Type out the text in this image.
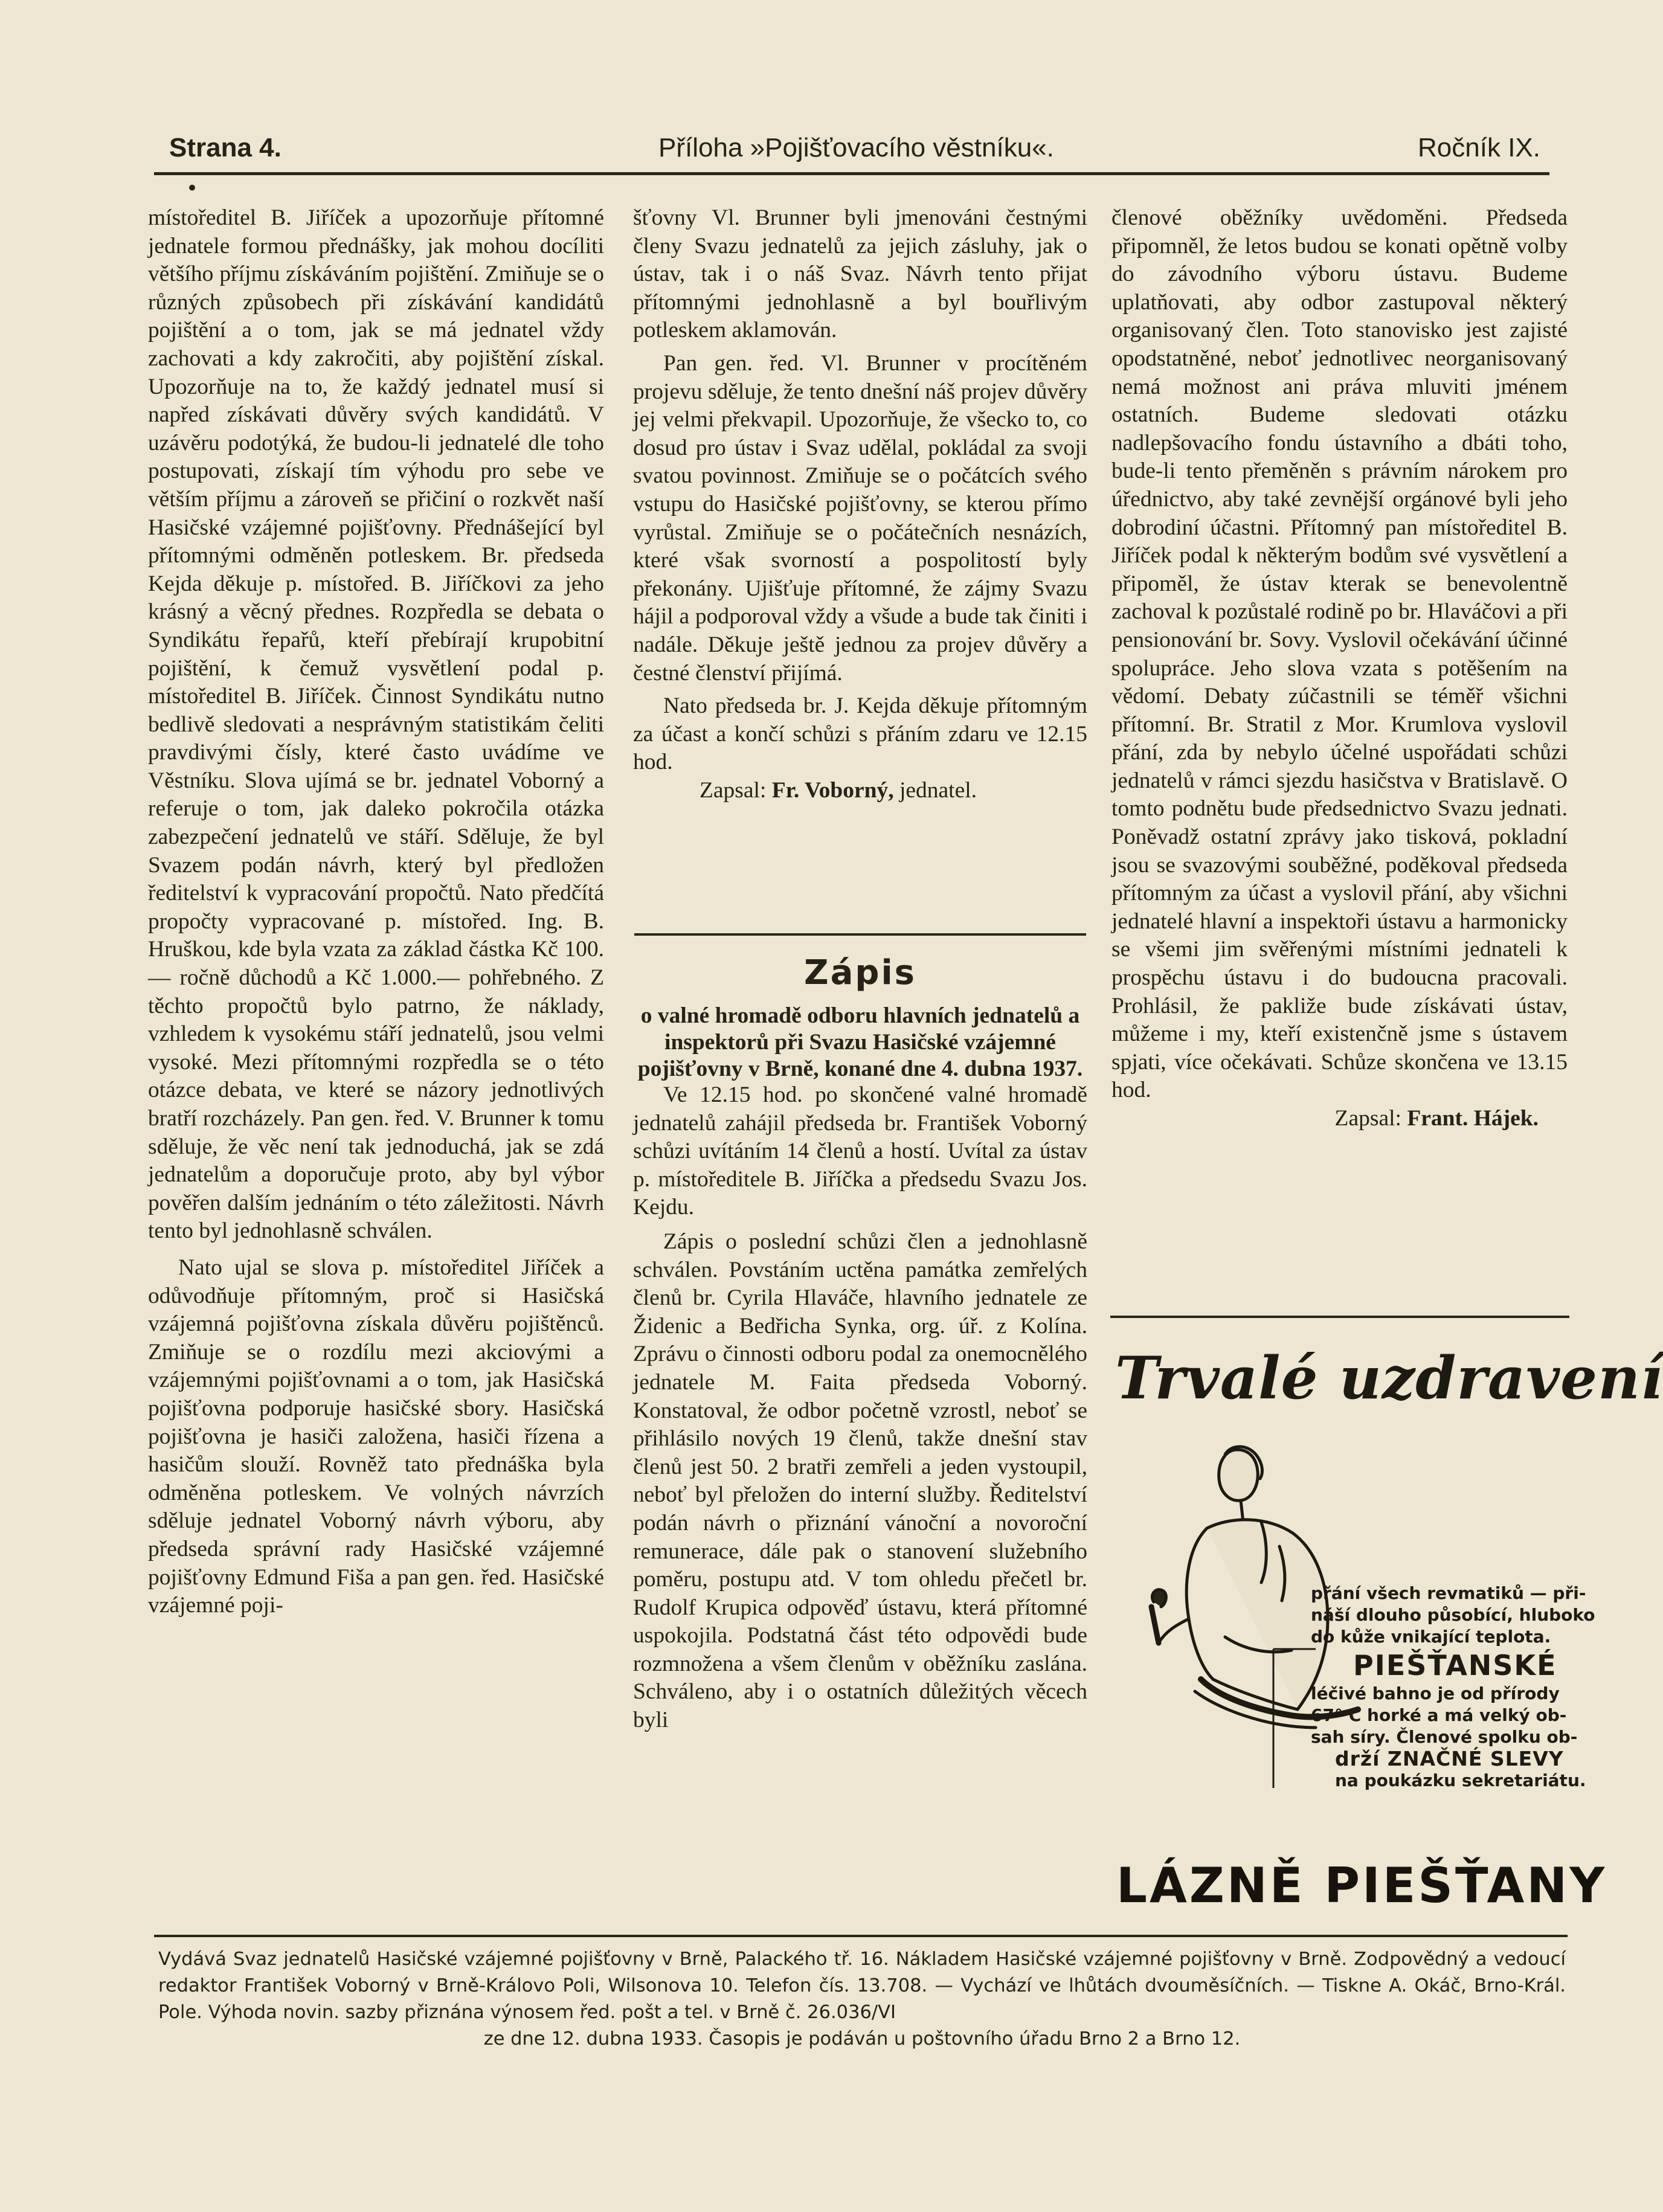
Strana 4.	Příloha »Pojišťovacího věstníku«.	Ročník IX.
•

místoředitel B. Jiříček a upozorňuje přítomné jednatele formou přednášky, jak mohou docíliti většího příjmu získáváním pojištění. Zmiňuje se o různých způsobech při získávání kandidátů pojištění a o tom, jak se má jednatel vždy zachovati a kdy zakročiti, aby pojištění získal. Upozorňuje na to, že každý jednatel musí si napřed získávati důvěry svých kandidátů. V uzávěru podotýká, že budou-li jednatelé dle toho postupovati, získají tím výhodu pro sebe ve větším příjmu a zároveň se přičiní o rozkvět naší Hasičské vzájemné pojišťovny. Přednášející byl přítomnými odměněn potleskem. Br. předseda Kejda děkuje p. místořed. B. Jiříčkovi za jeho krásný a věcný přednes. Rozpředla se debata o Syndikátu řepařů, kteří přebírají krupobitní pojištění, k čemuž vysvětlení podal p. místoředitel B. Jiříček. Činnost Syndikátu nutno bedlivě sledovati a nesprávným statistikám čeliti pravdivými čísly, které často uvádíme ve Věstníku. Slova ujímá se br. jednatel Voborný a referuje o tom, jak daleko pokročila otázka zabezpečení jednatelů ve stáří. Sděluje, že byl Svazem podán návrh, který byl předložen ředitelství k vypracování propočtů. Nato předčítá propočty vypracované p. místořed. Ing. B. Hruškou, kde byla vzata za základ částka Kč 100.— ročně důchodů a Kč 1.000.— pohřebného. Z těchto propočtů bylo patrno, že náklady, vzhledem k vysokému stáří jednatelů, jsou velmi vysoké. Mezi přítomnými rozpředla se o této otázce debata, ve které se názory jednotlivých bratří rozcházely. Pan gen. řed. V. Brunner k tomu sděluje, že věc není tak jednoduchá, jak se zdá jednatelům a doporučuje proto, aby byl výbor pověřen dalším jednáním o této záležitosti. Návrh tento byl jednohlasně schválen.

Nato ujal se slova p. místoředitel Jiříček a odůvodňuje přítomným, proč si Hasičská vzájemná pojišťovna získala důvěru pojištěnců. Zmiňuje se o rozdílu mezi akciovými a vzájemnými pojišťovnami a o tom, jak Hasičská pojišťovna podporuje hasičské sbory. Hasičská pojišťovna je hasiči založena, hasiči řízena a hasičům slouží. Rovněž tato přednáška byla odměněna potleskem. Ve volných návrzích sděluje jednatel Voborný návrh výboru, aby předseda správní rady Hasičské vzájemné pojišťovny Edmund Fiša a pan gen. řed. Hasičské vzájemné poji-

šťovny Vl. Brunner byli jmenováni čestnými členy Svazu jednatelů za jejich zásluhy, jak o ústav, tak i o náš Svaz. Návrh tento přijat přítomnými jednohlasně a byl bouřlivým potleskem aklamován.

Pan gen. řed. Vl. Brunner v procítěném projevu sděluje, že tento dnešní náš projev důvěry jej velmi překvapil. Upozorňuje, že všecko to, co dosud pro ústav i Svaz udělal, pokládal za svoji svatou povinnost. Zmiňuje se o počátcích svého vstupu do Hasičské pojišťovny, se kterou přímo vyrůstal. Zmiňuje se o počátečních nesnázích, které však svorností a pospolitostí byly překonány. Ujišťuje přítomné, že zájmy Svazu hájil a podporoval vždy a všude a bude tak činiti i nadále. Děkuje ještě jednou za projev důvěry a čestné členství přijímá.

Nato předseda br. J. Kejda děkuje přítomným za účast a končí schůzi s přáním zdaru ve 12.15 hod.

Zapsal: Fr. Voborný, jednatel.

Zápis
o valné hromadě odboru hlavních jednatelů a inspektorů při Svazu Hasičské vzájemné pojišťovny v Brně, konané dne 4. dubna 1937.

Ve 12.15 hod. po skončené valné hromadě jednatelů zahájil předseda br. František Voborný schůzi uvítáním 14 členů a hostí. Uvítal za ústav p. místoředitele B. Jiříčka a předsedu Svazu Jos. Kejdu.

Zápis o poslední schůzi člen a jednohlasně schválen. Povstáním uctěna památka zemřelých členů br. Cyrila Hlaváče, hlavního jednatele ze Židenic a Bedřicha Synka, org. úř. z Kolína. Zprávu o činnosti odboru podal za onemocnělého jednatele M. Faita předseda Voborný. Konstatoval, že odbor početně vzrostl, neboť se přihlásilo nových 19 členů, takže dnešní stav členů jest 50. 2 bratři zemřeli a jeden vystoupil, neboť byl přeložen do interní služby. Ředitelství podán návrh o přiznání vánoční a novoroční remunerace, dále pak o stanovení služebního poměru, postupu atd. V tom ohledu přečetl br. Rudolf Krupica odpověď ústavu, která přítomné uspokojila. Podstatná část této odpovědi bude rozmnožena a všem členům v oběžníku zaslána. Schváleno, aby i o ostatních důležitých věcech byli

členové oběžníky uvědoměni. Předseda připomněl, že letos budou se konati opětně volby do závodního výboru ústavu. Budeme uplatňovati, aby odbor zastupoval některý organisovaný člen. Toto stanovisko jest zajisté opodstatněné, neboť jednotlivec neorganisovaný nemá možnost ani práva mluviti jménem ostatních. Budeme sledovati otázku nadlepšovacího fondu ústavního a dbáti toho, bude-li tento přeměněn s právním nárokem pro úřednictvo, aby také zevnější orgánové byli jeho dobrodiní účastni. Přítomný pan místoředitel B. Jiříček podal k některým bodům své vysvětlení a připoměl, že ústav kterak se benevolentně zachoval k pozůstalé rodině po br. Hlaváčovi a při pensionování br. Sovy. Vyslovil očekávání účinné spolupráce. Jeho slova vzata s potěšením na vědomí. Debaty zúčastnili se téměř všichni přítomní. Br. Stratil z Mor. Krumlova vyslovil přání, zda by nebylo účelné uspořádati schůzi jednatelů v rámci sjezdu hasičstva v Bratislavě. O tomto podnětu bude předsednictvo Svazu jednati. Poněvadž ostatní zprávy jako tisková, pokladní jsou se svazovými souběžné, poděkoval předseda přítomným za účast a vyslovil přání, aby všichni jednatelé hlavní a inspektoři ústavu a harmonicky se všemi jim svěřenými místními jednateli k prospěchu ústavu i do budoucna pracovali. Prohlásil, že pakliže bude získávati ústav, můžeme i my, kteří existenčně jsme s ústavem spjati, více očekávati. Schůze skončena ve 13.15 hod.

Zapsal: Frant. Hájek.

Trvalé uzdravení
přání všech revmatiků — při-
náší dlouho působící, hluboko
do kůže vnikající teplota.
PIEŠŤANSKÉ
léčivé bahno je od přírody
67° C horké a má velký ob-
sah síry. Členové spolku ob-
drží ZNAČNÉ SLEVY
na poukázku sekretariátu.
LÁZNĚ PIEŠŤANY

Vydává Svaz jednatelů Hasičské vzájemné pojišťovny v Brně, Palackého tř. 16. Nákladem Hasičské vzájemné pojišťovny v Brně. Zodpovědný a vedoucí redaktor František Voborný v Brně-Královo Poli, Wilsonova 10. Telefon čís. 13.708. — Vychází ve lhůtách dvouměsíčních. — Tiskne A. Okáč, Brno-Král. Pole. Výhoda novin. sazby přiznána výnosem řed. pošt a tel. v Brně č. 26.036/VI

ze dne 12. dubna 1933. Časopis je podáván u poštovního úřadu Brno 2 a Brno 12.
